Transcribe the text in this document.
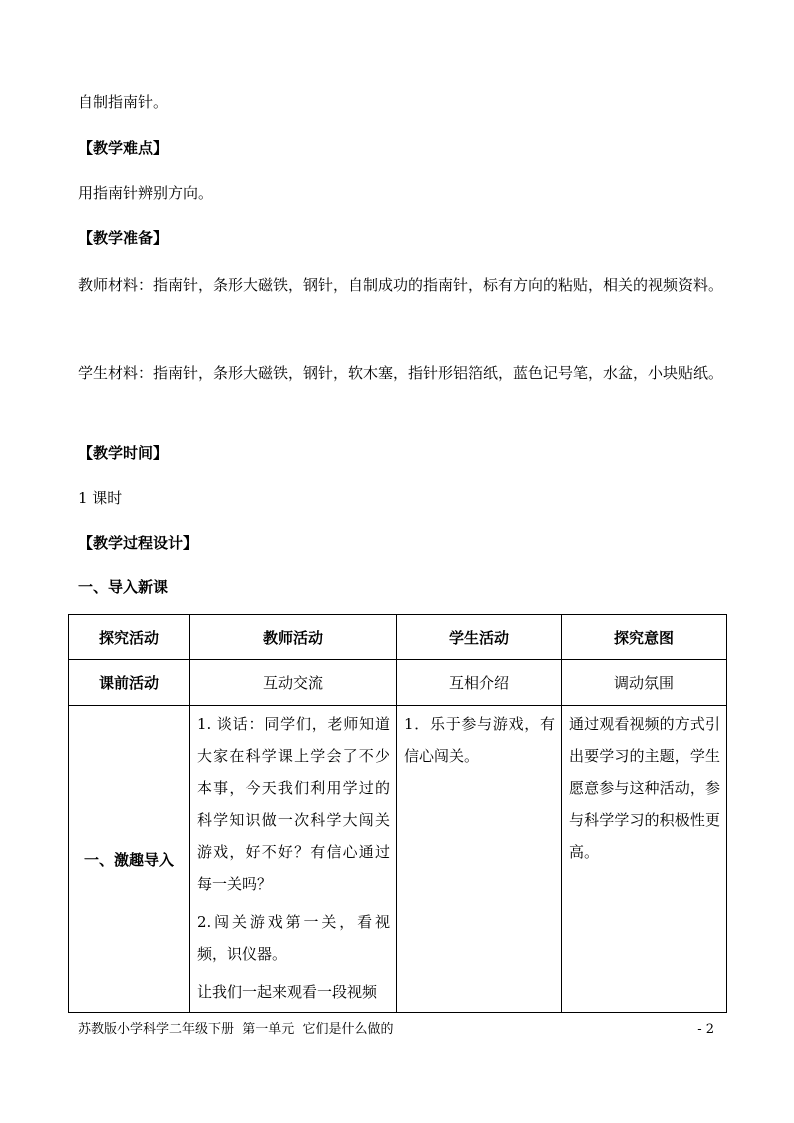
自制指南针。
【教学难点】
用指南针辨别方向。
【教学准备】
教师材料：指南针，条形大磁铁，钢针，自制成功的指南针，标有方向的粘贴，相关的视频资料。
学生材料：指南针，条形大磁铁，钢针，软木塞，指针形铝箔纸，蓝色记号笔，水盆，小块贴纸。
【教学时间】
1 课时
【教学过程设计】
一、导入新课
探究活动	教师活动	学生活动	探究意图
课前活动	互动交流	互相介绍	调动氛围
一、激趣导入	1. 谈话：同学们，老师知道大家在科学课上学会了不少本事，今天我们利用学过的科学知识做一次科学大闯关游戏，好不好？有信心通过每一关吗？

2.闯关游戏第一关，看视频，识仪器。

让我们一起来观看一段视频	1．乐于参与游戏，有信心闯关。	通过观看视频的方式引出要学习的主题，学生愿意参与这种活动，参与科学学习的积极性更高。
苏教版小学科学二年级下册  第一单元  它们是什么做的	- 2
